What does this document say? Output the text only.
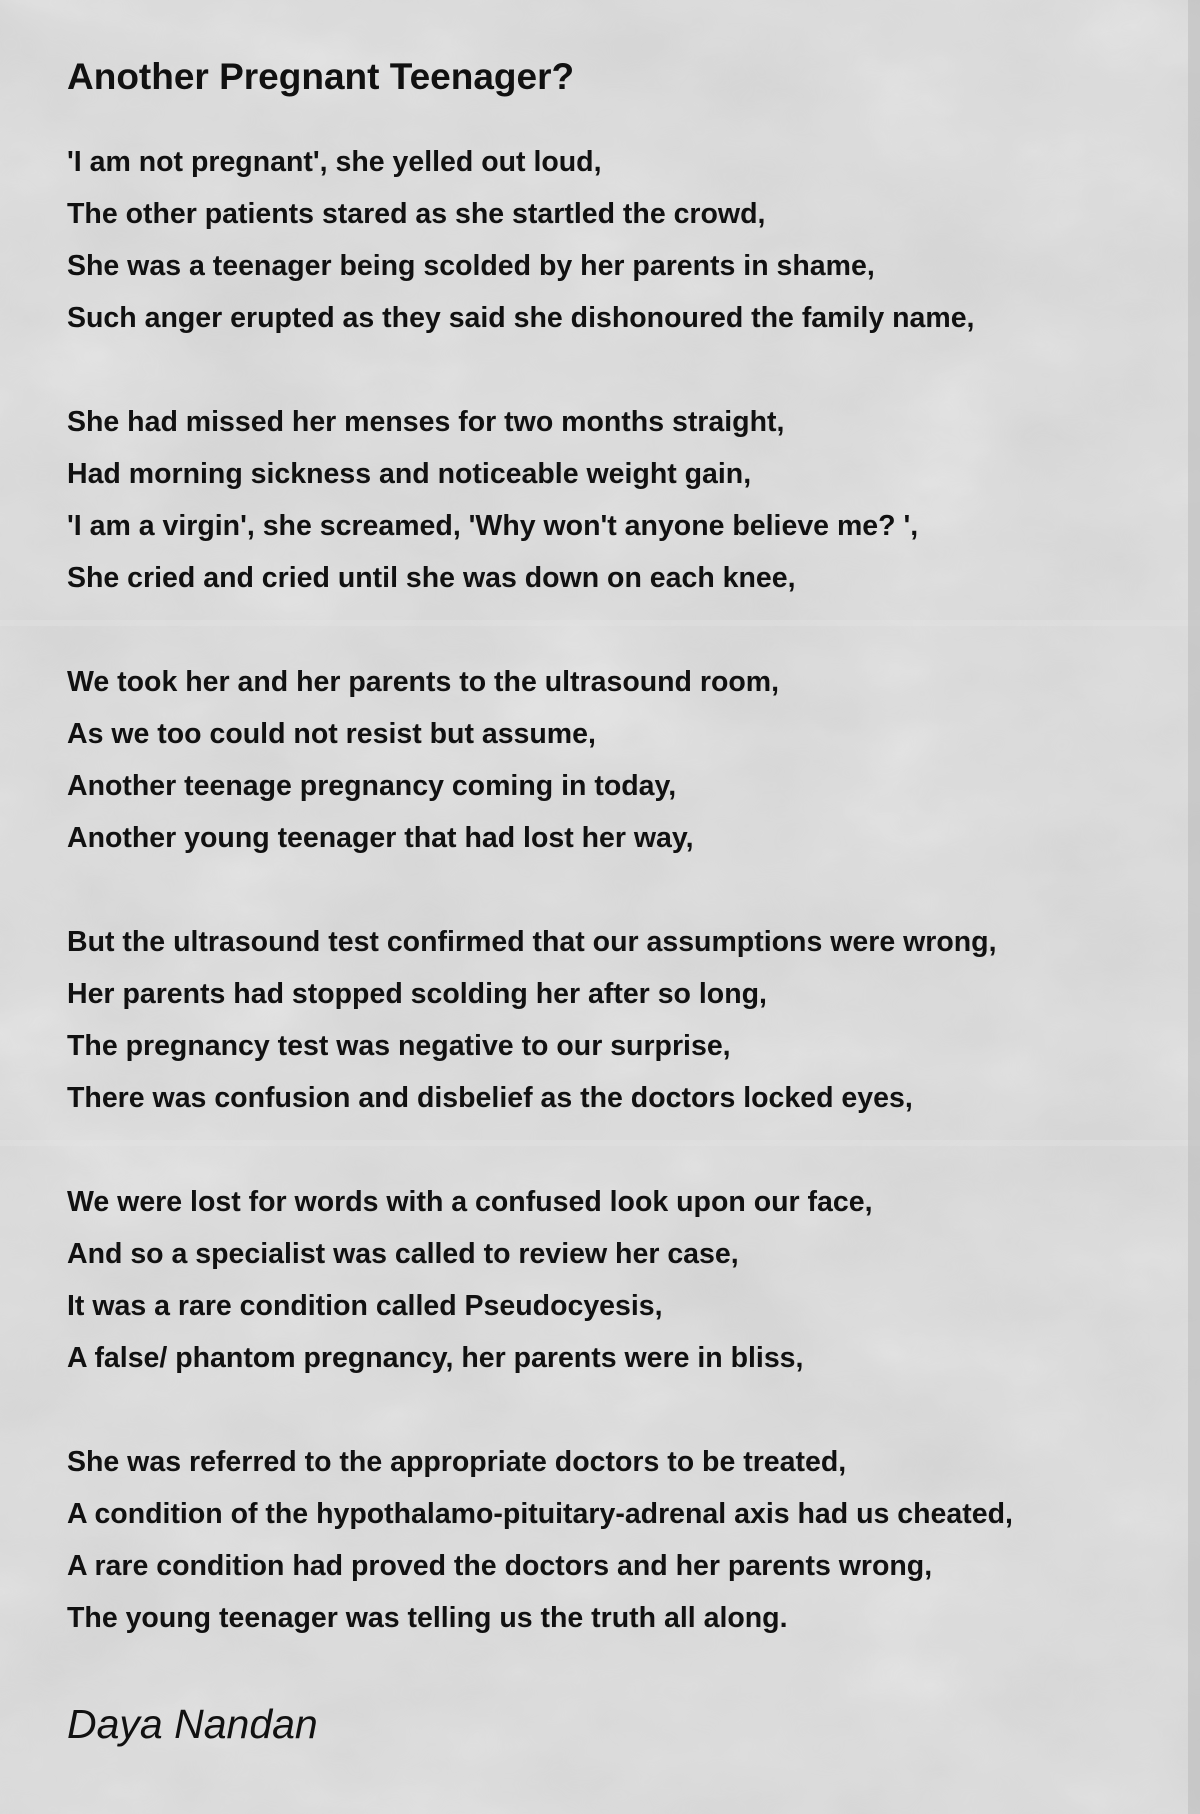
Another Pregnant Teenager?
'I am not pregnant', she yelled out loud,
The other patients stared as she startled the crowd,
She was a teenager being scolded by her parents in shame,
Such anger erupted as they said she dishonoured the family name,
She had missed her menses for two months straight,
Had morning sickness and noticeable weight gain,
'I am a virgin', she screamed, 'Why won't anyone believe me? ',
She cried and cried until she was down on each knee,
We took her and her parents to the ultrasound room,
As we too could not resist but assume,
Another teenage pregnancy coming in today,
Another young teenager that had lost her way,
But the ultrasound test confirmed that our assumptions were wrong,
Her parents had stopped scolding her after so long,
The pregnancy test was negative to our surprise,
There was confusion and disbelief as the doctors locked eyes,
We were lost for words with a confused look upon our face,
And so a specialist was called to review her case,
It was a rare condition called Pseudocyesis,
A false/ phantom pregnancy, her parents were in bliss,
She was referred to the appropriate doctors to be treated,
A condition of the hypothalamo-pituitary-adrenal axis had us cheated,
A rare condition had proved the doctors and her parents wrong,
The young teenager was telling us the truth all along.
Daya Nandan
